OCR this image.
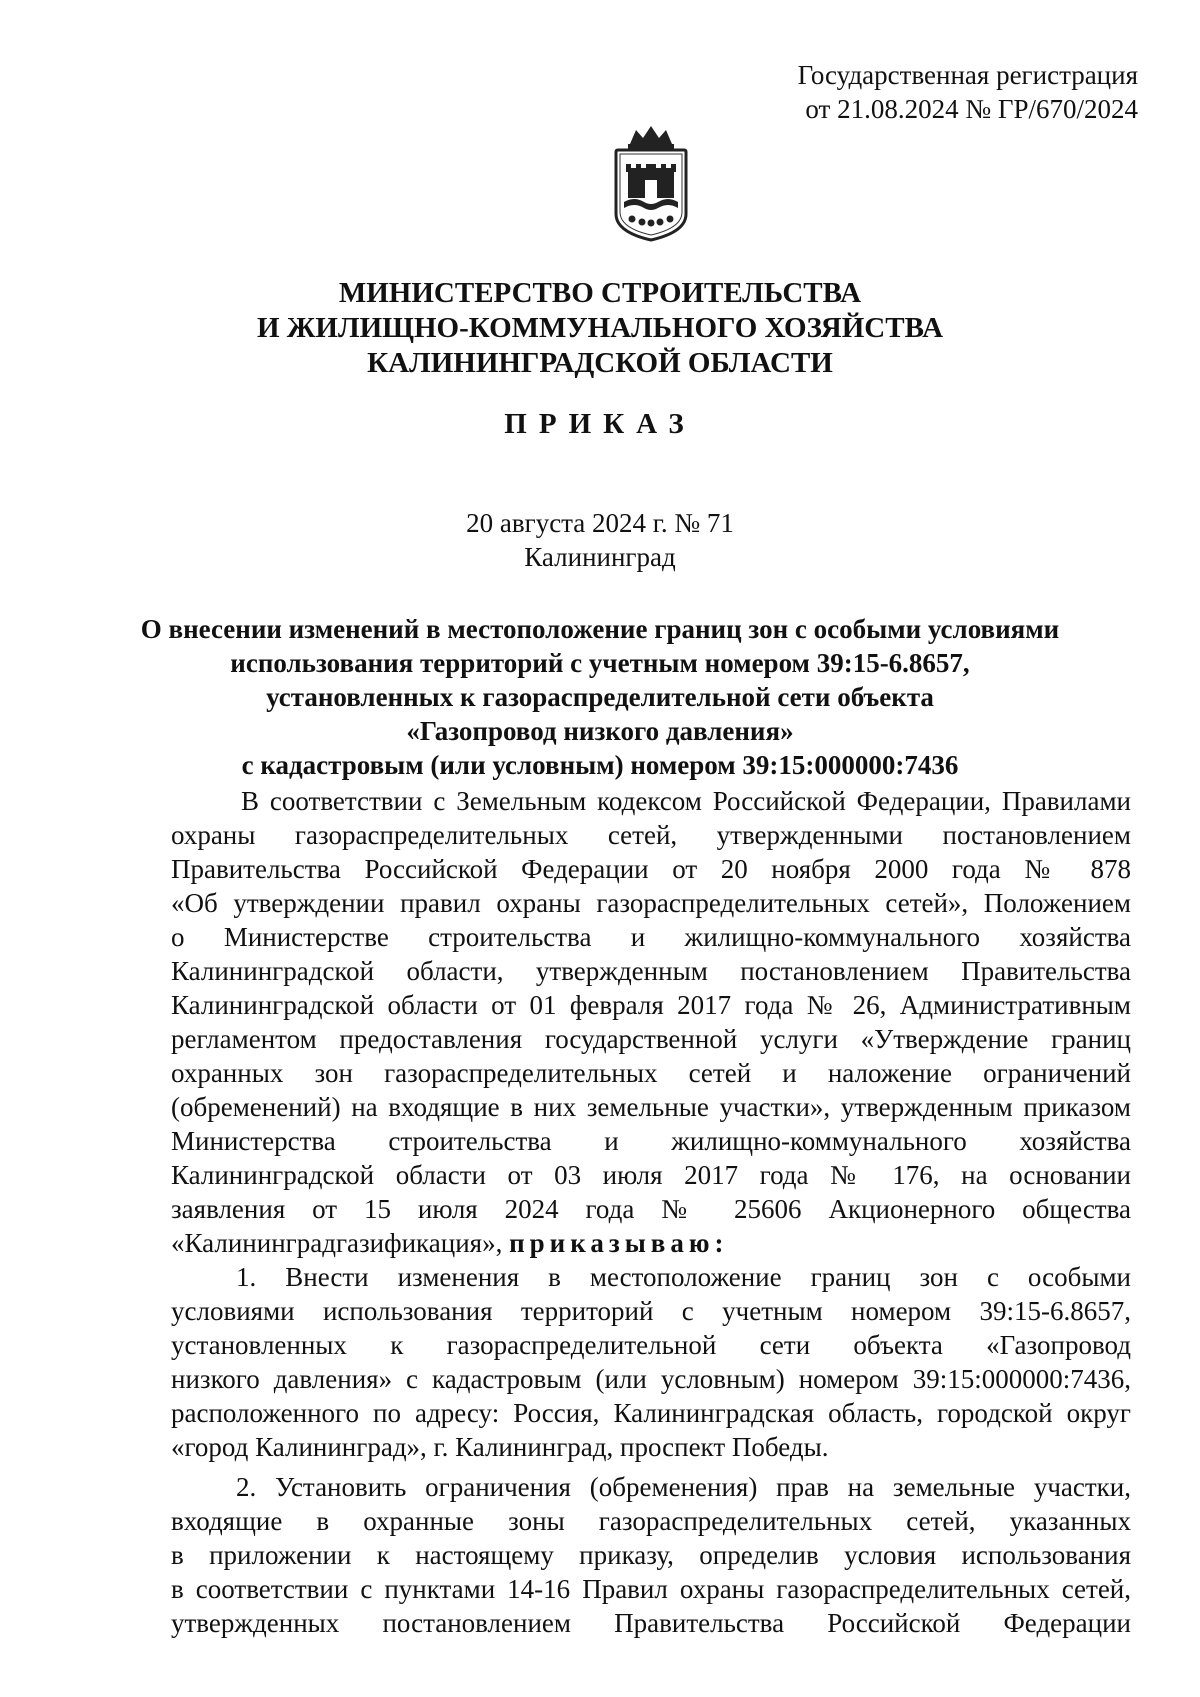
Государственная регистрация
от 21.08.2024 № ГР/670/2024
МИНИСТЕРСТВО СТРОИТЕЛЬСТВА
И ЖИЛИЩНО-КОММУНАЛЬНОГО ХОЗЯЙСТВА
КАЛИНИНГРАДСКОЙ ОБЛАСТИ
ПРИКАЗ
20 августа 2024 г. № 71
Калининград
О внесении изменений в местоположение границ зон с особыми условиями
использования территорий с учетным номером 39:15-6.8657,
установленных к газораспределительной сети объекта
«Газопровод низкого давления»
с кадастровым (или условным) номером 39:15:000000:7436
В соответствии с Земельным кодексом Российской Федерации, Правилами
охраны газораспределительных сетей, утвержденными постановлением
Правительства Российской Федерации от 20 ноября 2000 года № 878
«Об утверждении правил охраны газораспределительных сетей», Положением
о Министерстве строительства и жилищно-коммунального хозяйства
Калининградской области, утвержденным постановлением Правительства
Калининградской области от 01 февраля 2017 года № 26, Административным
регламентом предоставления государственной услуги «Утверждение границ
охранных зон газораспределительных сетей и наложение ограничений
(обременений) на входящие в них земельные участки», утвержденным приказом
Министерства строительства и жилищно-коммунального хозяйства
Калининградской области от 03 июля 2017 года № 176, на основании
заявления от 15 июля 2024 года № 25606 Акционерного общества
«Калининградгазификация», приказываю:
1. Внести изменения в местоположение границ зон с особыми
условиями использования территорий с учетным номером 39:15-6.8657,
установленных к газораспределительной сети объекта «Газопровод
низкого давления» с кадастровым (или условным) номером 39:15:000000:7436,
расположенного по адресу: Россия, Калининградская область, городской округ
«город Калининград», г. Калининград, проспект Победы.
2. Установить ограничения (обременения) прав на земельные участки,
входящие в охранные зоны газораспределительных сетей, указанных
в приложении к настоящему приказу, определив условия использования
в соответствии с пунктами 14-16 Правил охраны газораспределительных сетей,
утвержденных постановлением Правительства Российской Федерации
